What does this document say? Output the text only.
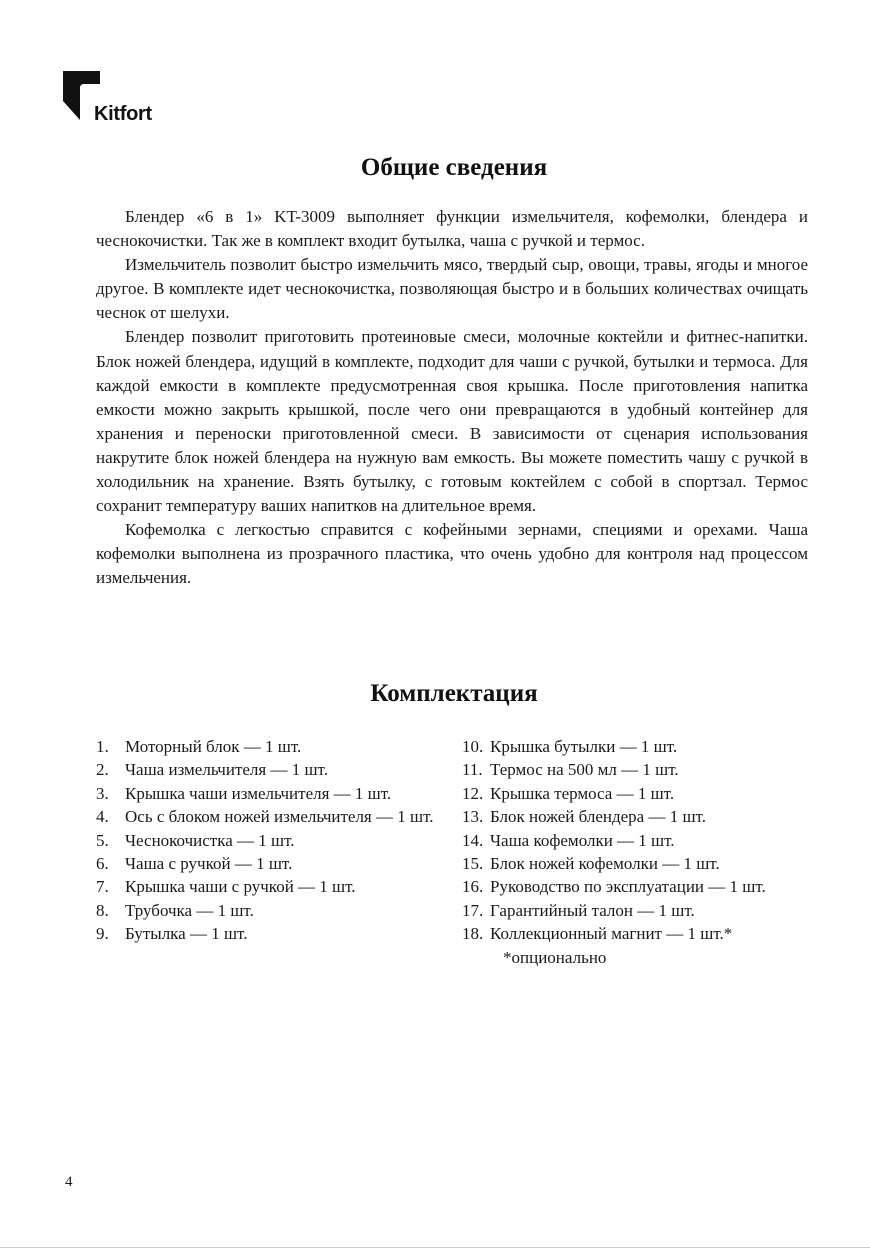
Kitfort
Общие сведения

Блендер «6 в 1» KT-3009 выполняет функции измельчителя, кофемолки, блендера и чеснокочистки. Так же в комплект входит бутылка, чаша с ручкой и термос.

Измельчитель позволит быстро измельчить мясо, твердый сыр, овощи, травы, ягоды и многое другое. В комплекте идет чеснокочистка, позволяющая быстро и в больших количествах очищать чеснок от шелухи.

Блендер позволит приготовить протеиновые смеси, молочные коктейли и фитнес-напитки. Блок ножей блендера, идущий в комплекте, подходит для чаши с ручкой, бутылки и термоса. Для каждой емкости в комплекте предусмотренная своя крышка. После приготовления напитка емкости можно закрыть крышкой, после чего они превращаются в удобный контейнер для хранения и переноски приготовленной смеси. В зависимости от сценария использования накрутите блок ножей блендера на нужную вам емкость. Вы можете поместить чашу с ручкой в холодильник на хранение. Взять бутылку, с готовым коктейлем с собой в спортзал. Термос сохранит температуру ваших напитков на длительное время.

Кофемолка с легкостью справится с кофейными зернами, специями и орехами. Чаша кофемолки выполнена из прозрачного пластика, что очень удобно для контроля над процессом измельчения.

Комплектация
1. Моторный блок — 1 шт.
2. Чаша измельчителя — 1 шт.
3. Крышка чаши измельчителя — 1 шт.
4. Ось с блоком ножей измельчителя — 1 шт.
5. Чеснокочистка — 1 шт.
6. Чаша с ручкой — 1 шт.
7. Крышка чаши с ручкой — 1 шт.
8. Трубочка — 1 шт.
9. Бутылка — 1 шт.
10. Крышка бутылки — 1 шт.
11. Термос на 500 мл — 1 шт.
12. Крышка термоса — 1 шт.
13. Блок ножей блендера — 1 шт.
14. Чаша кофемолки — 1 шт.
15. Блок ножей кофемолки — 1 шт.
16. Руководство по эксплуатации — 1 шт.
17. Гарантийный талон — 1 шт.
18. Коллекционный магнит — 1 шт.*
*опционально
4
